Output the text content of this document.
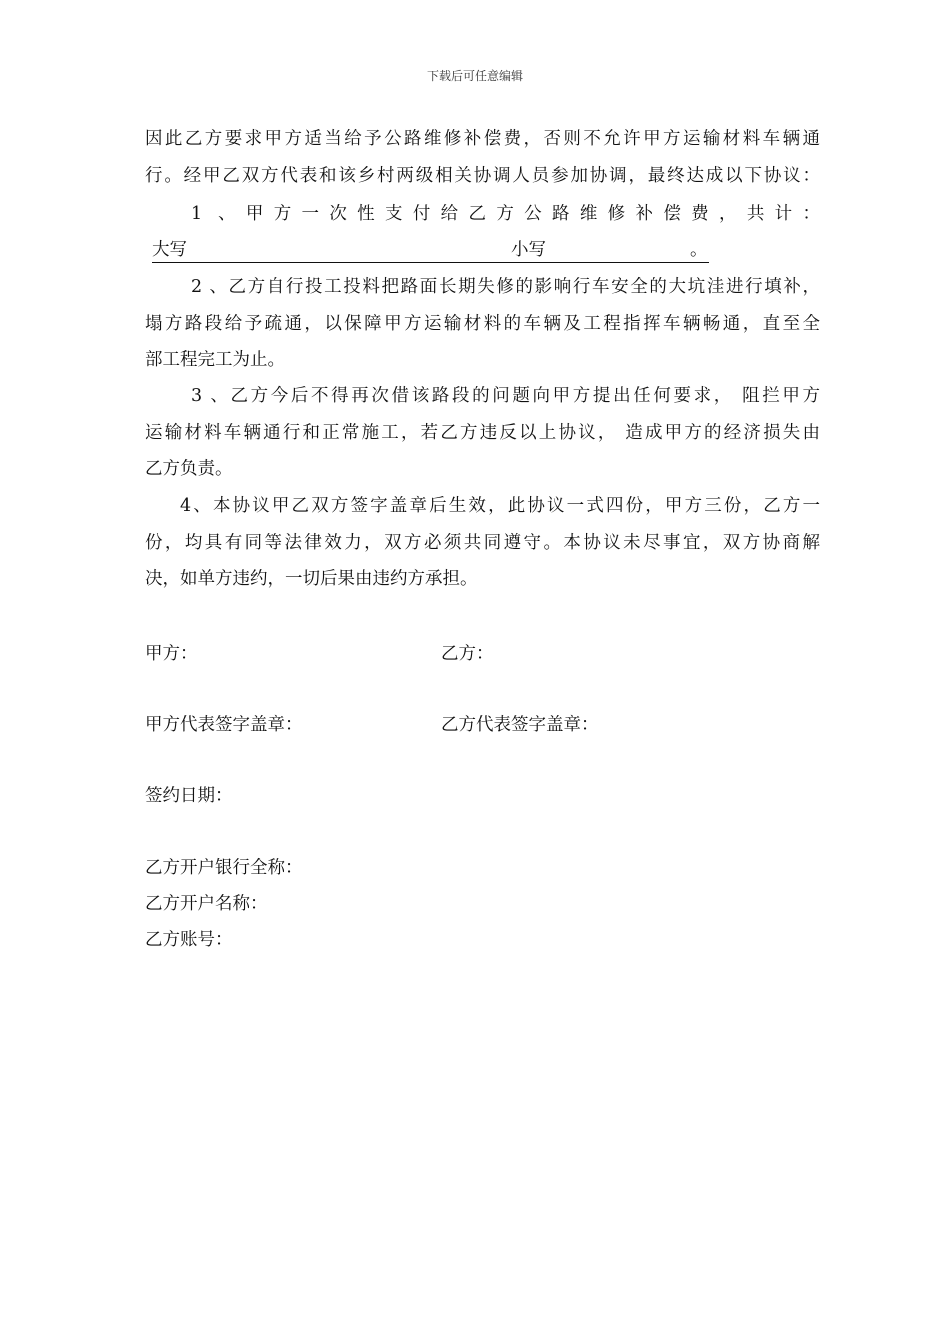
下载后可任意编辑
因此乙方要求甲方适当给予公路维修补偿费，否则不允许甲方运输材料车辆通
行。经甲乙双方代表和该乡村两级相关协调人员参加协调，最终达成以下协议：
1 、甲方一次性支付给乙方公路维修补偿费，共计：
大写	小写	。
2 、乙方自行投工投料把路面长期失修的影响行车安全的大坑洼进行填补，
塌方路段给予疏通，以保障甲方运输材料的车辆及工程指挥车辆畅通，直至全
部工程完工为止。
3 、乙方今后不得再次借该路段的问题向甲方提出任何要求， 阻拦甲方
运输材料车辆通行和正常施工，若乙方违反以上协议， 造成甲方的经济损失由
乙方负责。
4、本协议甲乙双方签字盖章后生效，此协议一式四份，甲方三份，乙方一
份，均具有同等法律效力，双方必须共同遵守。本协议未尽事宜，双方协商解
决，如单方违约，一切后果由违约方承担。
甲方：	乙方：
甲方代表签字盖章：	乙方代表签字盖章：
签约日期：
乙方开户银行全称：
乙方开户名称：
乙方账号：
